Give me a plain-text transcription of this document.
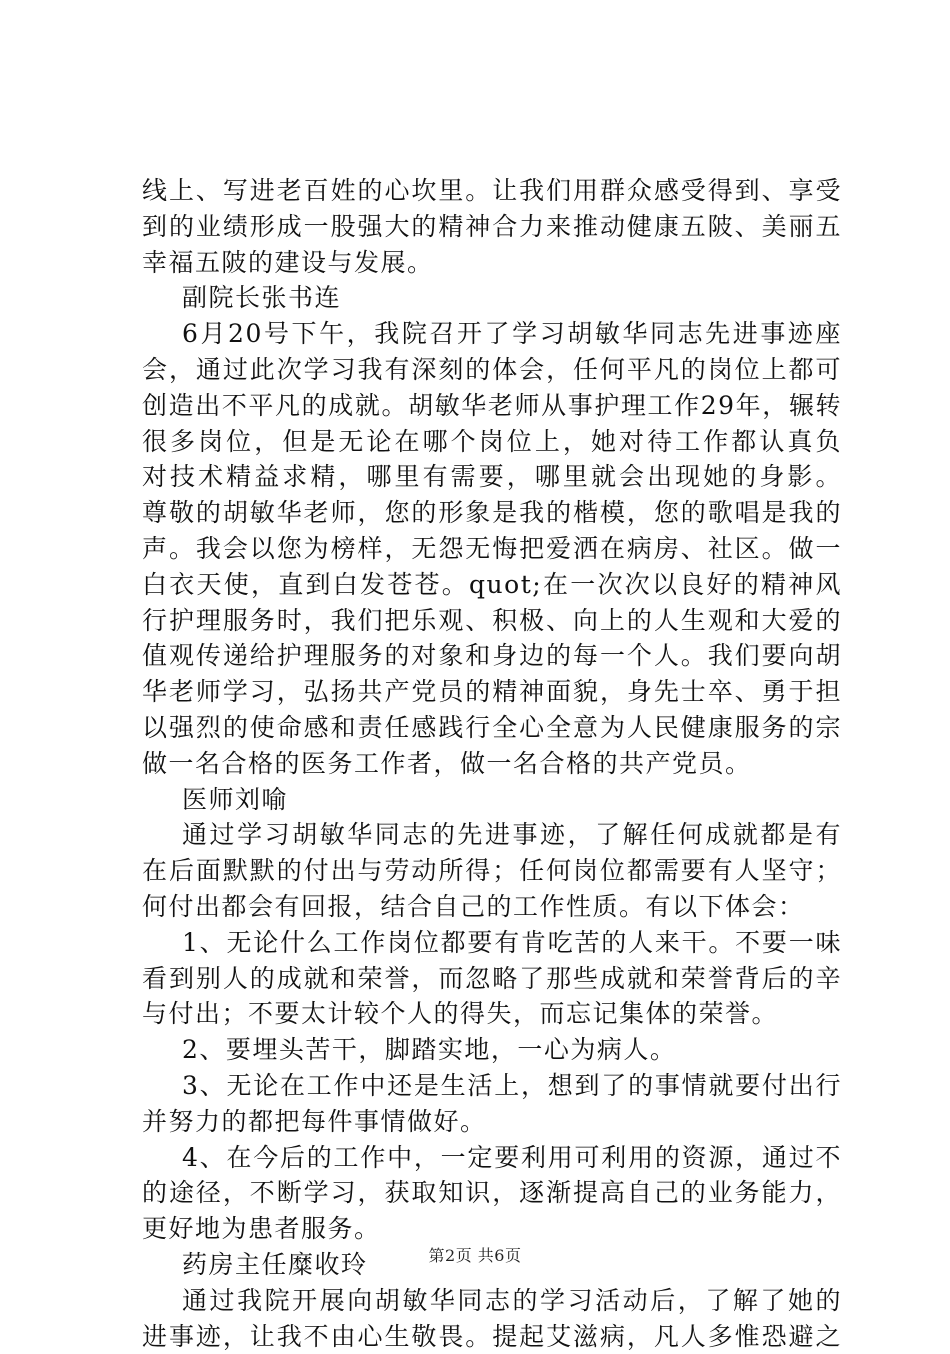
线上、写进老百姓的心坎里。让我们用群众感受得到、享受
到的业绩形成一股强大的精神合力来推动健康五陂、美丽五
幸福五陂的建设与发展。
副院长张书连
6月20号下午，我院召开了学习胡敏华同志先进事迹座
会，通过此次学习我有深刻的体会，任何平凡的岗位上都可
创造出不平凡的成就。胡敏华老师从事护理工作29年，辗转
很多岗位，但是无论在哪个岗位上，她对待工作都认真负
对技术精益求精，哪里有需要，哪里就会出现她的身影。
尊敬的胡敏华老师，您的形象是我的楷模，您的歌唱是我的
声。我会以您为榜样，无怨无悔把爱洒在病房、社区。做一
白衣天使，直到白发苍苍。quot;在一次次以良好的精神风
行护理服务时，我们把乐观、积极、向上的人生观和大爱的
值观传递给护理服务的对象和身边的每一个人。我们要向胡
华老师学习，弘扬共产党员的精神面貌，身先士卒、勇于担
以强烈的使命感和责任感践行全心全意为人民健康服务的宗
做一名合格的医务工作者，做一名合格的共产党员。
医师刘喻
通过学习胡敏华同志的先进事迹，了解任何成就都是有
在后面默默的付出与劳动所得；任何岗位都需要有人坚守；
何付出都会有回报，结合自己的工作性质。有以下体会：
1、无论什么工作岗位都要有肯吃苦的人来干。不要一味
看到别人的成就和荣誉，而忽略了那些成就和荣誉背后的辛
与付出；不要太计较个人的得失，而忘记集体的荣誉。
2、要埋头苦干，脚踏实地，一心为病人。
3、无论在工作中还是生活上，想到了的事情就要付出行
并努力的都把每件事情做好。
4、在今后的工作中，一定要利用可利用的资源，通过不
的途径，不断学习，获取知识，逐渐提高自己的业务能力，
更好地为患者服务。
药房主任糜收玲
通过我院开展向胡敏华同志的学习活动后，了解了她的
进事迹，让我不由心生敬畏。提起艾滋病，凡人多惟恐避之
第2页 共6页
